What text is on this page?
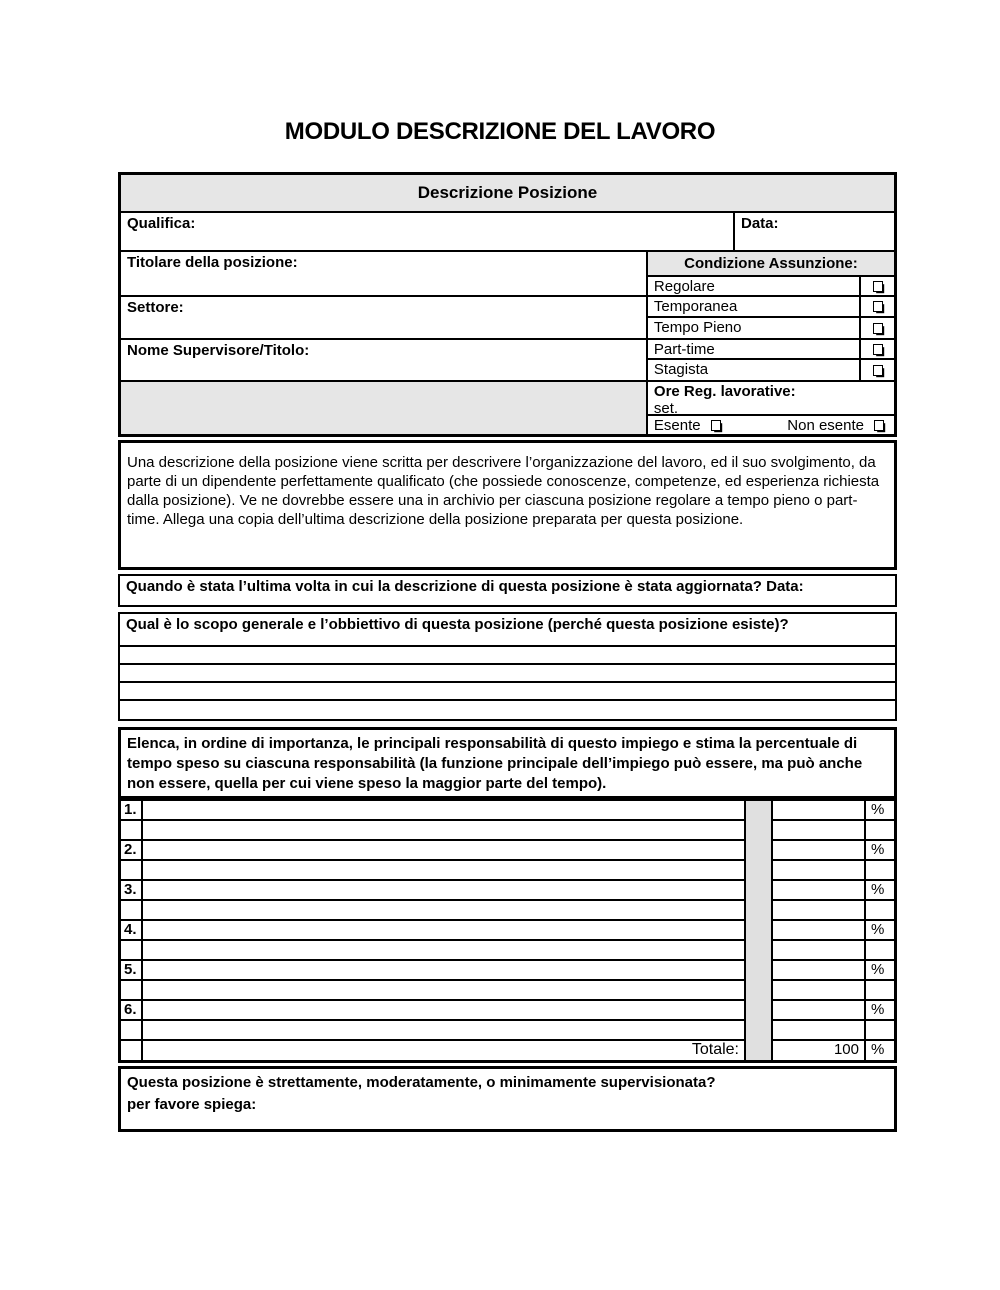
MODULO DESCRIZIONE DEL LAVORO
Descrizione Posizione
Qualifica:	Data:
Titolare della posizione:
Settore:
Nome Supervisore/Titolo:
Condizione Assunzione:
Regolare
Temporanea
Tempo Pieno
Part-time
Stagista
Ore Reg. lavorative:
set.
Esente	Non esente
Una descrizione della posizione viene scritta per descrivere l’organizzazione del lavoro, ed il suo svolgimento, da parte di un dipendente perfettamente qualificato (che possiede conoscenze, competenze, ed esperienza richiesta dalla posizione). Ve ne dovrebbe essere una in archivio per ciascuna posizione regolare a tempo pieno o part-time. Allega una copia dell’ultima descrizione della posizione preparata per questa posizione.
Quando è stata l’ultima volta in cui la descrizione di questa posizione è stata aggiornata? Data:
Qual è lo scopo generale e l’obbiettivo di questa posizione (perché questa posizione esiste)?
Elenca, in ordine di importanza, le principali responsabilità di questo impiego e stima la percentuale di tempo speso su ciascuna responsabilità (la funzione principale dell’impiego può essere, ma può anche non essere, quella per cui viene speso la maggior parte del tempo).
1.	%
2.	%
3.	%
4.	%
5.	%
6.	%
Totale:	100 %
Questa posizione è strettamente, moderatamente, o minimamente supervisionata?
per favore spiega:
